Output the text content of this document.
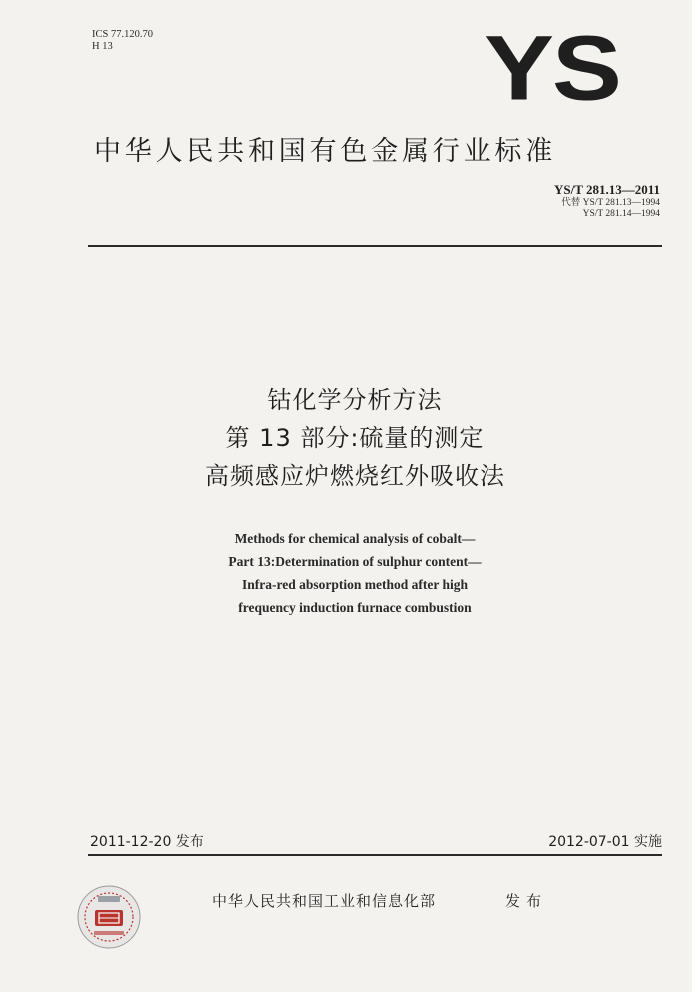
ICS 77.120.70
H 13	YS
中华人民共和国有色金属行业标准
YS/T 281.13—2011
代替 YS/T 281.13—1994
YS/T 281.14—1994
钴化学分析方法
第 13 部分:硫量的测定
高频感应炉燃烧红外吸收法
Methods for chemical analysis of cobalt—
Part 13:Determination of sulphur content—
Infra-red absorption method after high
frequency induction furnace combustion
2011-12-20 发布	2012-07-01 实施
中华人民共和国工业和信息化部	发布
